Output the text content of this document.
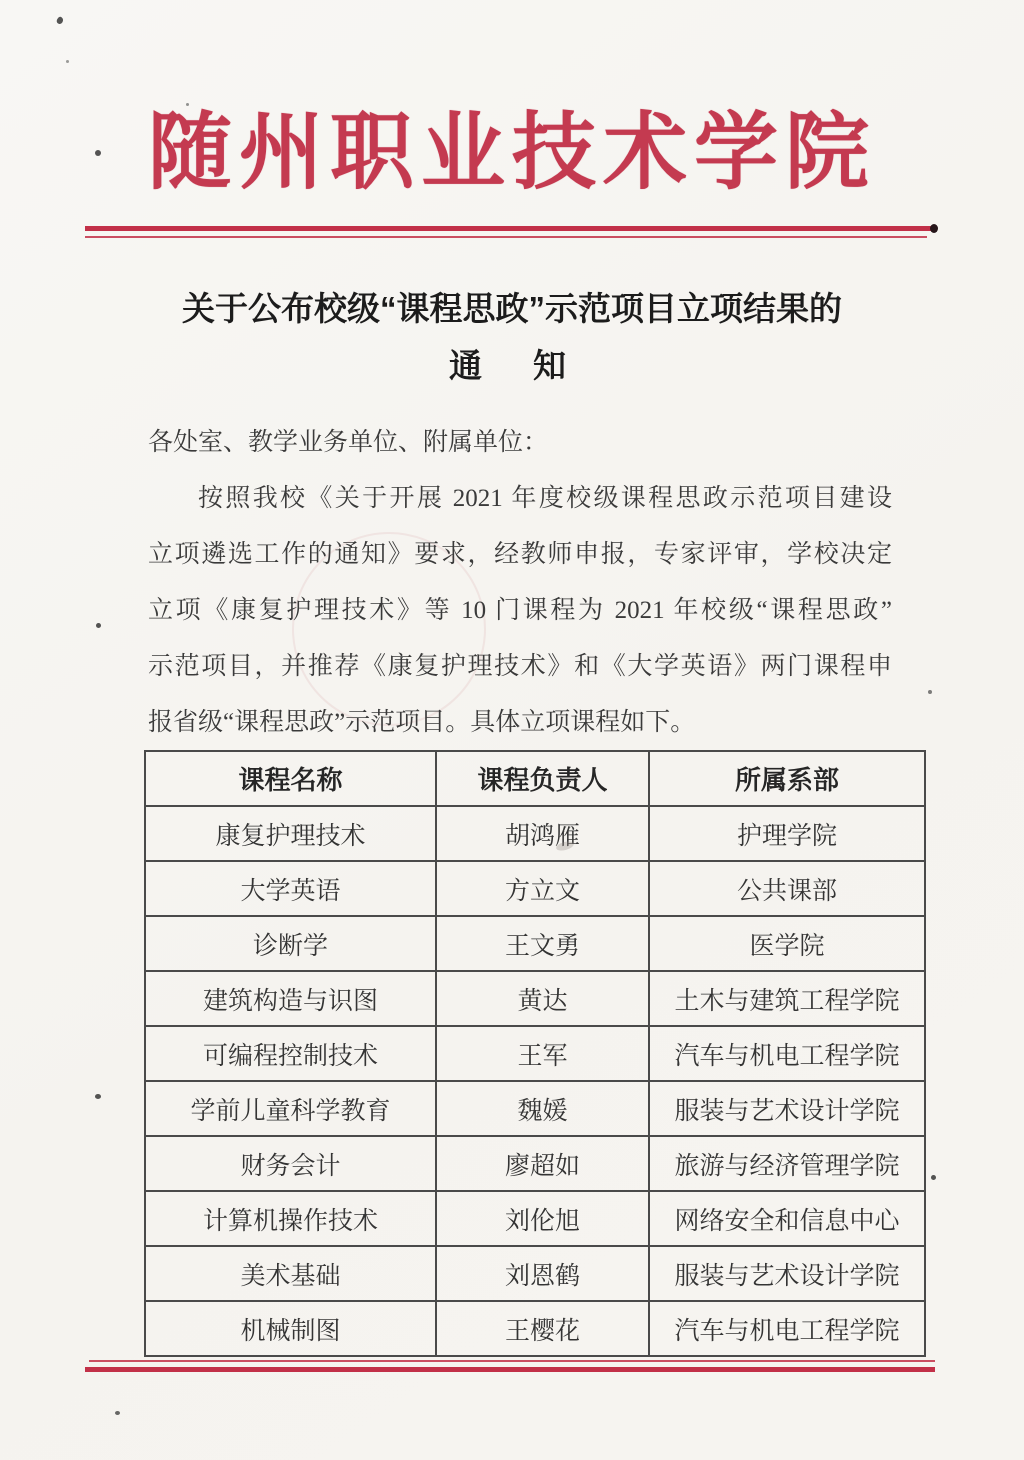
随州职业技术学院
关于公布校级“课程思政”示范项目立项结果的
通　知
各处室、教学业务单位、附属单位：
按照我校《关于开展 2021 年度校级课程思政示范项目建设
立项遴选工作的通知》要求，经教师申报，专家评审，学校决定
立项《康复护理技术》等 10 门课程为 2021 年校级“课程思政”
示范项目，并推荐《康复护理技术》和《大学英语》两门课程申
报省级“课程思政”示范项目。具体立项课程如下。
课程名称	课程负责人	所属系部
康复护理技术	胡鸿雁	护理学院
大学英语	方立文	公共课部
诊断学	王文勇	医学院
建筑构造与识图	黄达	土木与建筑工程学院
可编程控制技术	王军	汽车与机电工程学院
学前儿童科学教育	魏媛	服装与艺术设计学院
财务会计	廖超如	旅游与经济管理学院
计算机操作技术	刘伦旭	网络安全和信息中心
美术基础	刘恩鹤	服装与艺术设计学院
机械制图	王樱花	汽车与机电工程学院
